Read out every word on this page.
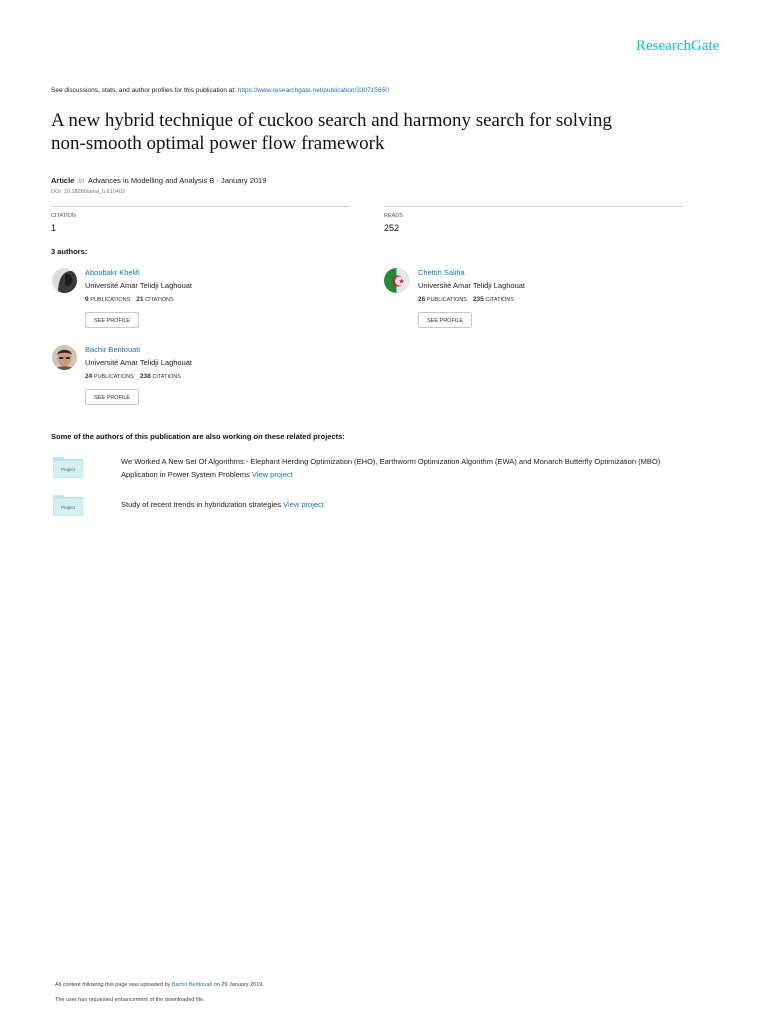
ResearchGate
See discussions, stats, and author profiles for this publication at: https://www.researchgate.net/publication/330715650
A new hybrid technique of cuckoo search and harmony search for solving
non-smooth optimal power flow framework
Article in Advances in Modelling and Analysis B · January 2019
DOI: 10.18280/ama_b.610402
CITATION
1
READS
252
3 authors:
Aboubakr Khelifi
Université Amar Telidji Laghouat
9 PUBLICATIONS 21 CITATIONS
SEE PROFILE
Chettih Saliha
Université Amar Telidji Laghouat
26 PUBLICATIONS 235 CITATIONS
SEE PROFILE
Bachir Bentouati
Université Amar Telidji Laghouat
24 PUBLICATIONS 238 CITATIONS
SEE PROFILE
Some of the authors of this publication are also working on these related projects:
Project
We Worked A New Set Of Algorithms:- Elephant Herding Optimization (EHO), Earthworm Optimization Algorithm (EWA) and Monarch Butterfly Optimization (MBO)
Application in Power System Problems View project
Project	Study of recent trends in hybridization strategies View project
All content following this page was uploaded by Bachir Bentouati on 29 January 2019.
The user has requested enhancement of the downloaded file.
